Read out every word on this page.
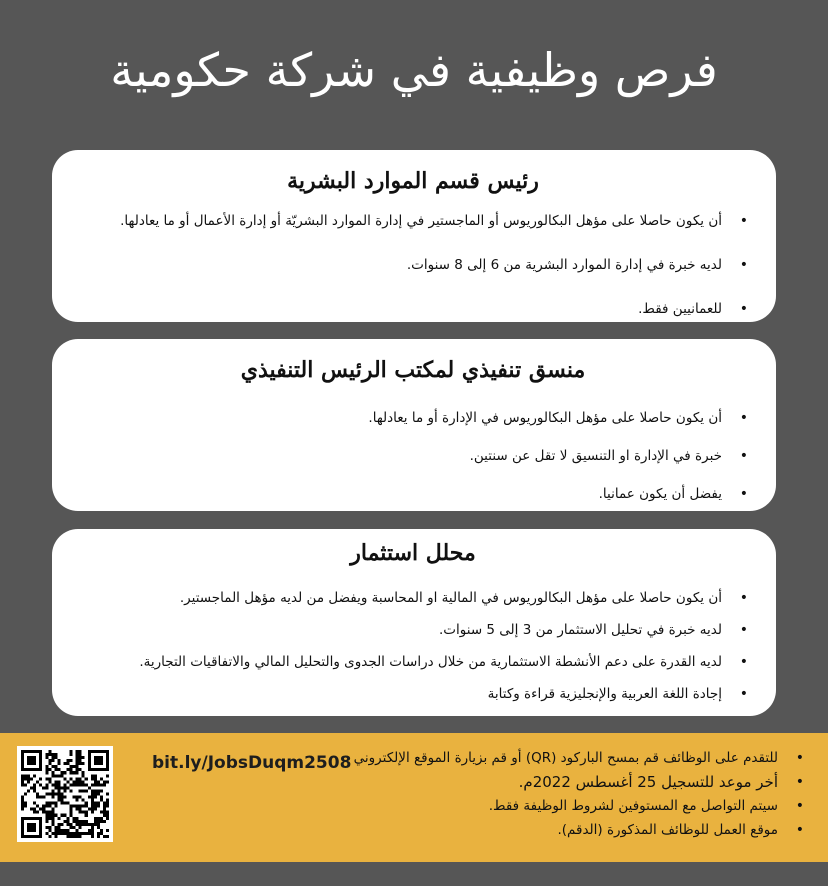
فرص وظيفية في شركة حكومية
رئيس قسم الموارد البشرية
• أن يكون حاصلا على مؤهل البكالوريوس أو الماجستير في إدارة الموارد البشريّة أو إدارة الأعمال أو ما يعادلها.
• لديه خبرة في إدارة الموارد البشرية من 6 إلى 8 سنوات.
• للعمانيين فقط.
منسق تنفيذي لمكتب الرئيس التنفيذي
• أن يكون حاصلا على مؤهل البكالوريوس في الإدارة أو ما يعادلها.
• خبرة في الإدارة او التنسيق لا تقل عن سنتين.
• يفضل أن يكون عمانيا.
محلل استثمار
• أن يكون حاصلا على مؤهل البكالوريوس في المالية او المحاسبة ويفضل من لديه مؤهل الماجستير.
• لديه خبرة في تحليل الاستثمار من 3 إلى 5 سنوات.
• لديه القدرة على دعم الأنشطة الاستثمارية من خلال دراسات الجدوى والتحليل المالي والاتفاقيات التجارية.
• إجادة اللغة العربية والإنجليزية قراءة وكتابة
bit.ly/JobsDuqm2508
• للتقدم على الوظائف قم بمسح الباركود (QR) أو قم بزيارة الموقع الإلكتروني
• أخر موعد للتسجيل 25 أغسطس 2022م.
• سيتم التواصل مع المستوفين لشروط الوظيفة فقط.
• موقع العمل للوظائف المذكورة (الدقم).
